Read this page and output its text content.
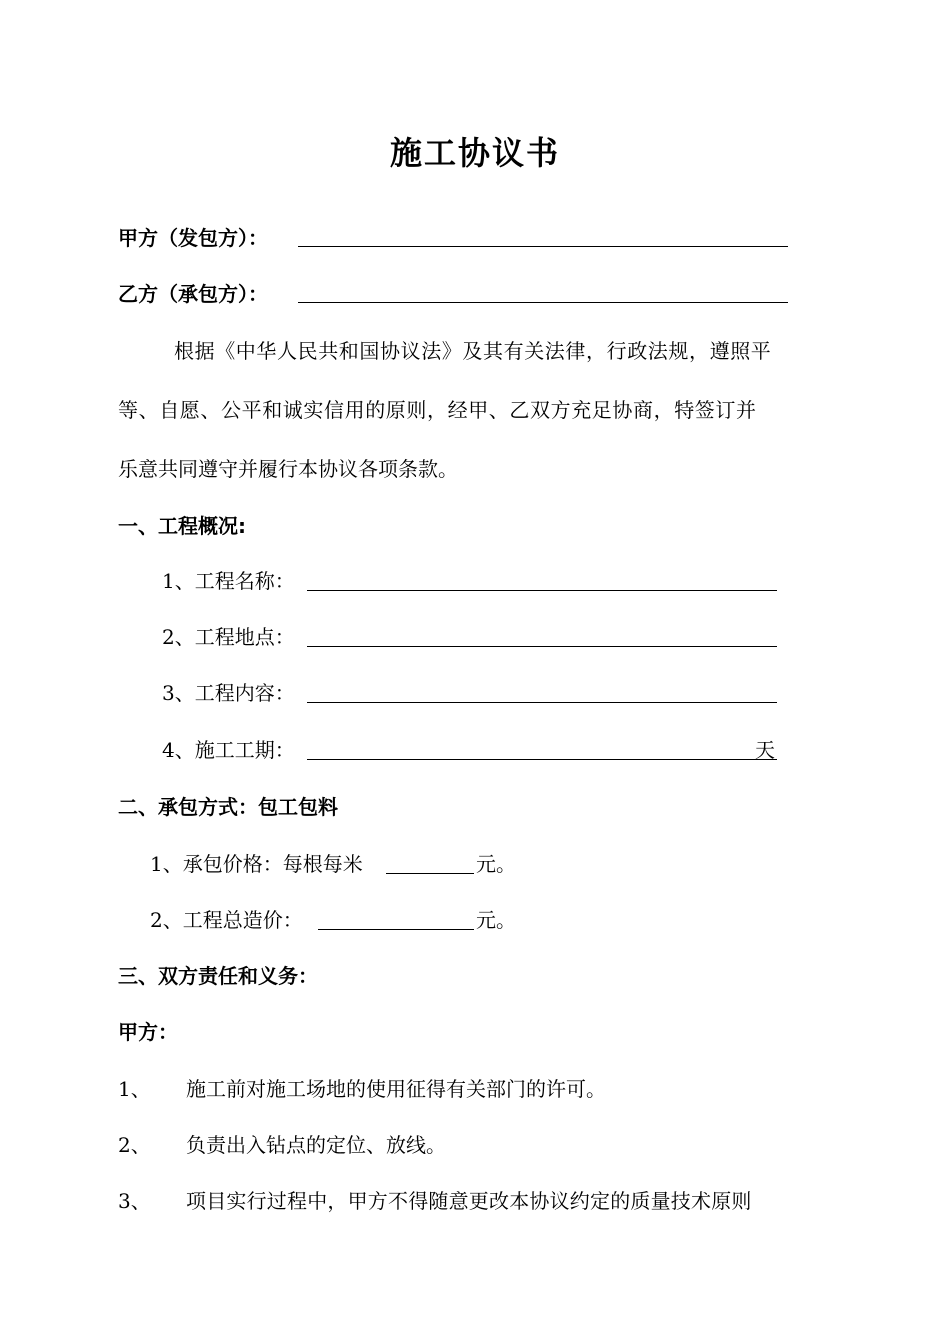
施工协议书
甲方（发包方）：
乙方（承包方）：
根据《中华人民共和国协议法》及其有关法律，行政法规，遵照平
等、自愿、公平和诚实信用的原则，经甲、乙双方充足协商，特签订并
乐意共同遵守并履行本协议各项条款。
一、工程概况:
1、工程名称：
2、工程地点：
3、工程内容：
4、施工工期：	天
二、承包方式：包工包料
1、承包价格：每根每米	元。
2、工程总造价：	元。
三、双方责任和义务：
甲方：
1、 施工前对施工场地的使用征得有关部门的许可。
2、 负责出入钻点的定位、放线。
3、 项目实行过程中，甲方不得随意更改本协议约定的质量技术原则
